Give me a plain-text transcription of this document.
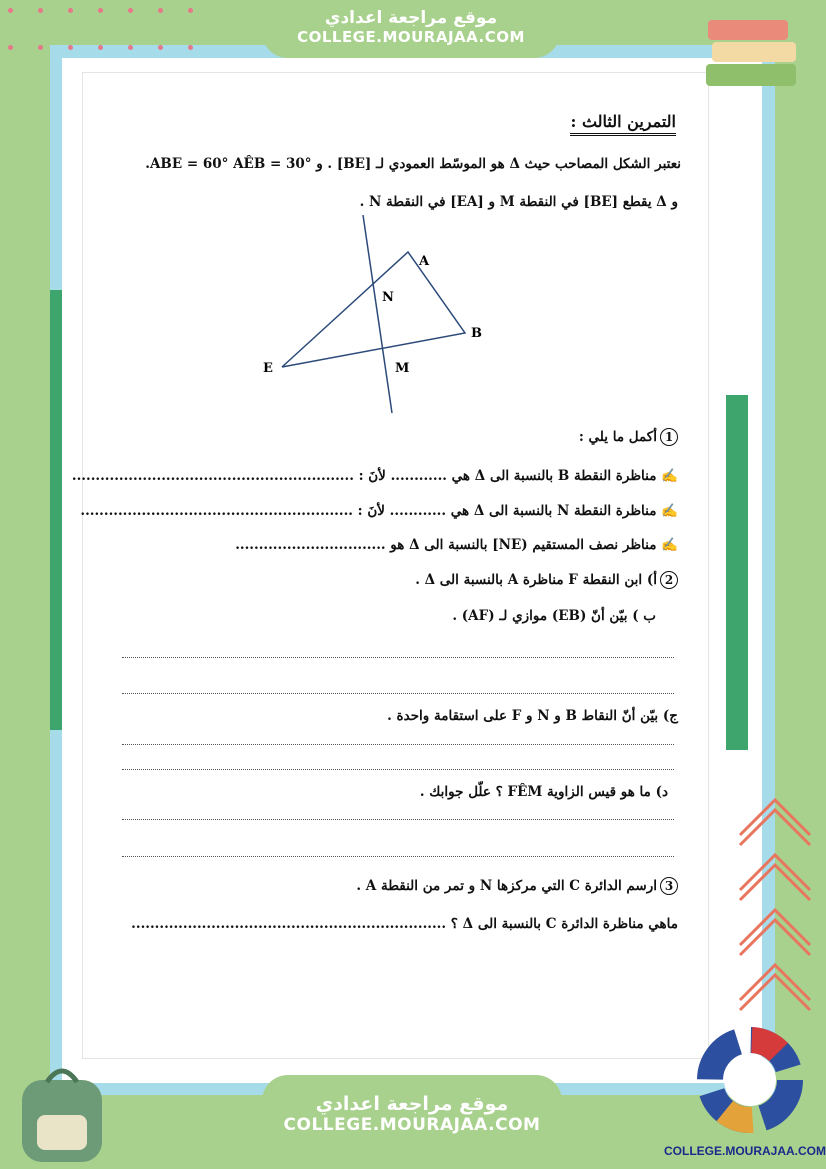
موقع مراجعة اعدادي
COLLEGE.MOURAJAA.COM
التمرين الثالث :
نعتبر الشكل المصاحب حيث Δ هو الموسّط العمودي لـ [BE] . و ABE = 60° AÊB = 30°.
و Δ يقطع [BE] في النقطة M و [EA] في النقطة N .
A
B
E	M
N
1أكمل ما يلي :
✍ مناظرة النقطة B بالنسبة الى Δ هي ............ لأنَ : ............................................................
✍ مناظرة النقطة N بالنسبة الى Δ هي ............ لأنَ : ..........................................................
✍ مناظر نصف المستقيم (NE] بالنسبة الى Δ هو ................................
2أ) ابن النقطة F مناظرة A بالنسبة الى Δ .
ب ) بيّن أنّ (EB) موازي لـ (AF) .
ج) بيّن أنّ النقاط B و N و F على استقامة واحدة .
د) ما هو قيس الزاوية FÊM ؟ علّل جوابك .
3ارسم الدائرة C التي مركزها N و تمر من النقطة A .
ماهي مناظرة الدائرة C بالنسبة الى Δ ؟ ...................................................................
موقع مراجعة اعدادي
COLLEGE.MOURAJAA.COM
COLLEGE.MOURAJAA.COM
